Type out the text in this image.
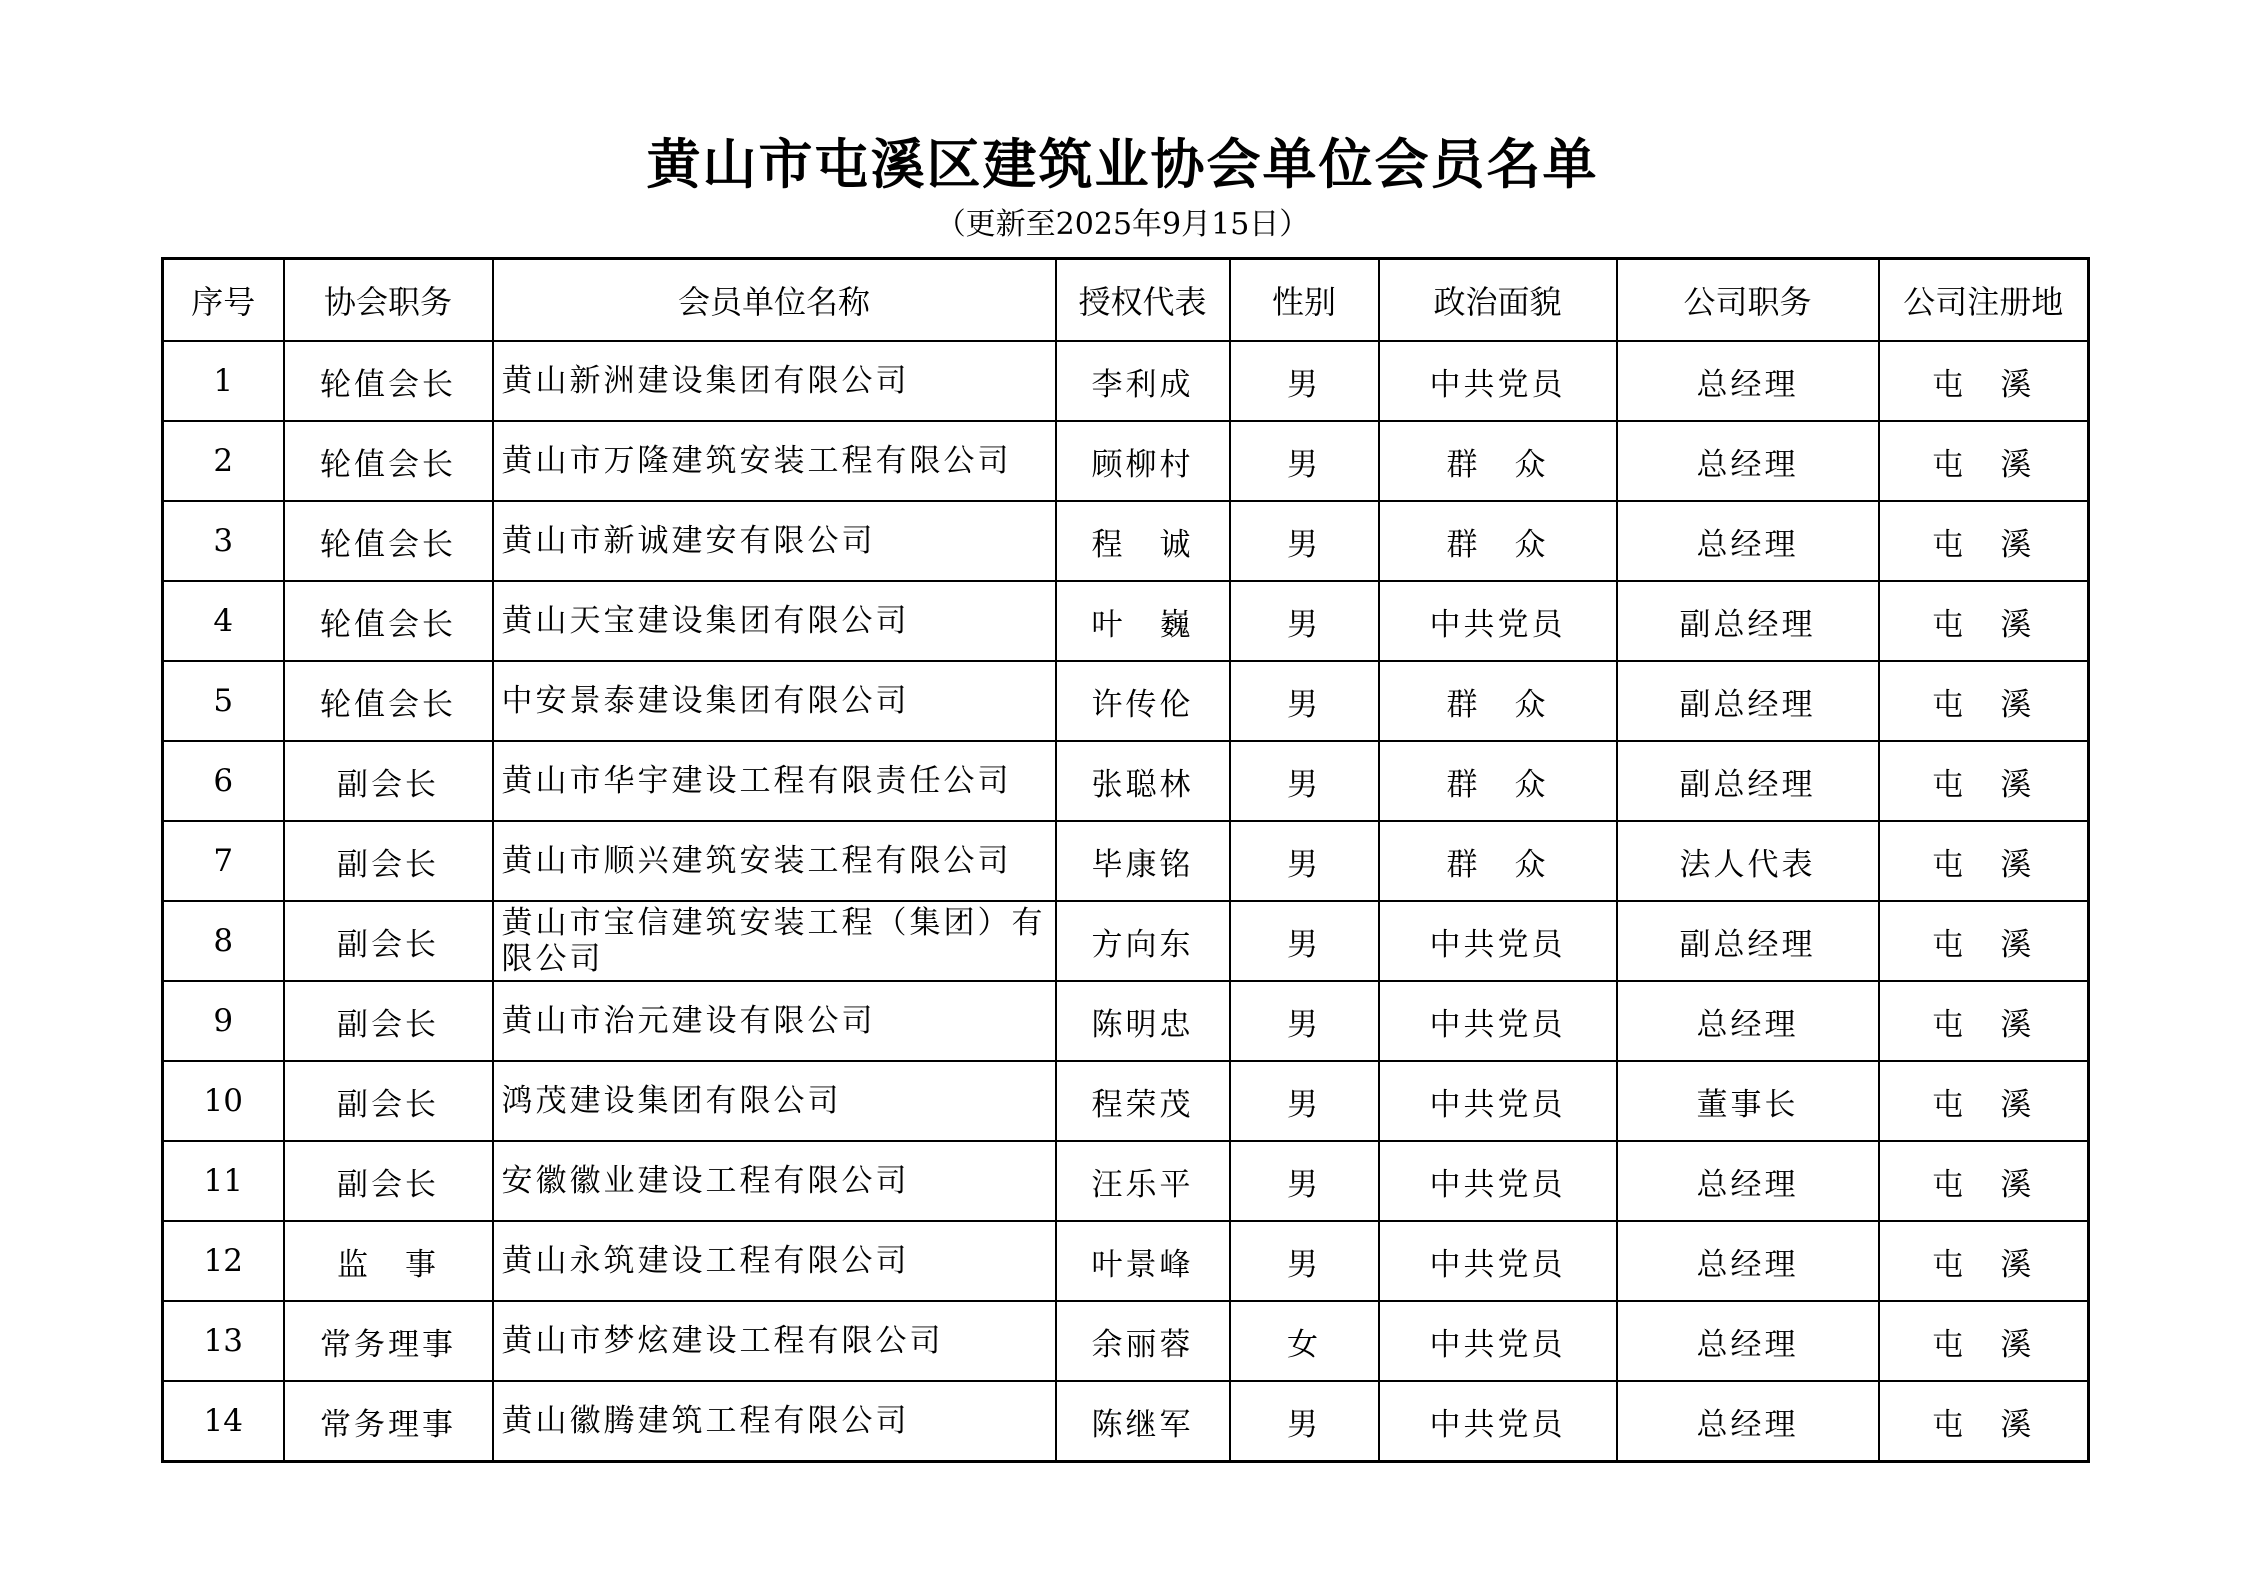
黄山市屯溪区建筑业协会单位会员名单
（更新至2025年9月15日）
序号	协会职务	会员单位名称	授权代表	性别	政治面貌	公司职务	公司注册地
1	轮值会长	黄山新洲建设集团有限公司	李利成	男	中共党员	总经理	屯　溪
2	轮值会长	黄山市万隆建筑安装工程有限公司	顾柳村	男	群　众	总经理	屯　溪
3	轮值会长	黄山市新诚建安有限公司	程　诚	男	群　众	总经理	屯　溪
4	轮值会长	黄山天宝建设集团有限公司	叶　巍	男	中共党员	副总经理	屯　溪
5	轮值会长	中安景泰建设集团有限公司	许传伦	男	群　众	副总经理	屯　溪
6	副会长	黄山市华宇建设工程有限责任公司	张聪林	男	群　众	副总经理	屯　溪
7	副会长	黄山市顺兴建筑安装工程有限公司	毕康铭	男	群　众	法人代表	屯　溪
8	副会长	黄山市宝信建筑安装工程（集团）有限公司	方向东	男	中共党员	副总经理	屯　溪
9	副会长	黄山市治元建设有限公司	陈明忠	男	中共党员	总经理	屯　溪
10	副会长	鸿茂建设集团有限公司	程荣茂	男	中共党员	董事长	屯　溪
11	副会长	安徽徽业建设工程有限公司	汪乐平	男	中共党员	总经理	屯　溪
12	监　事	黄山永筑建设工程有限公司	叶景峰	男	中共党员	总经理	屯　溪
13	常务理事	黄山市梦炫建设工程有限公司	余丽蓉	女	中共党员	总经理	屯　溪
14	常务理事	黄山徽腾建筑工程有限公司	陈继军	男	中共党员	总经理	屯　溪
